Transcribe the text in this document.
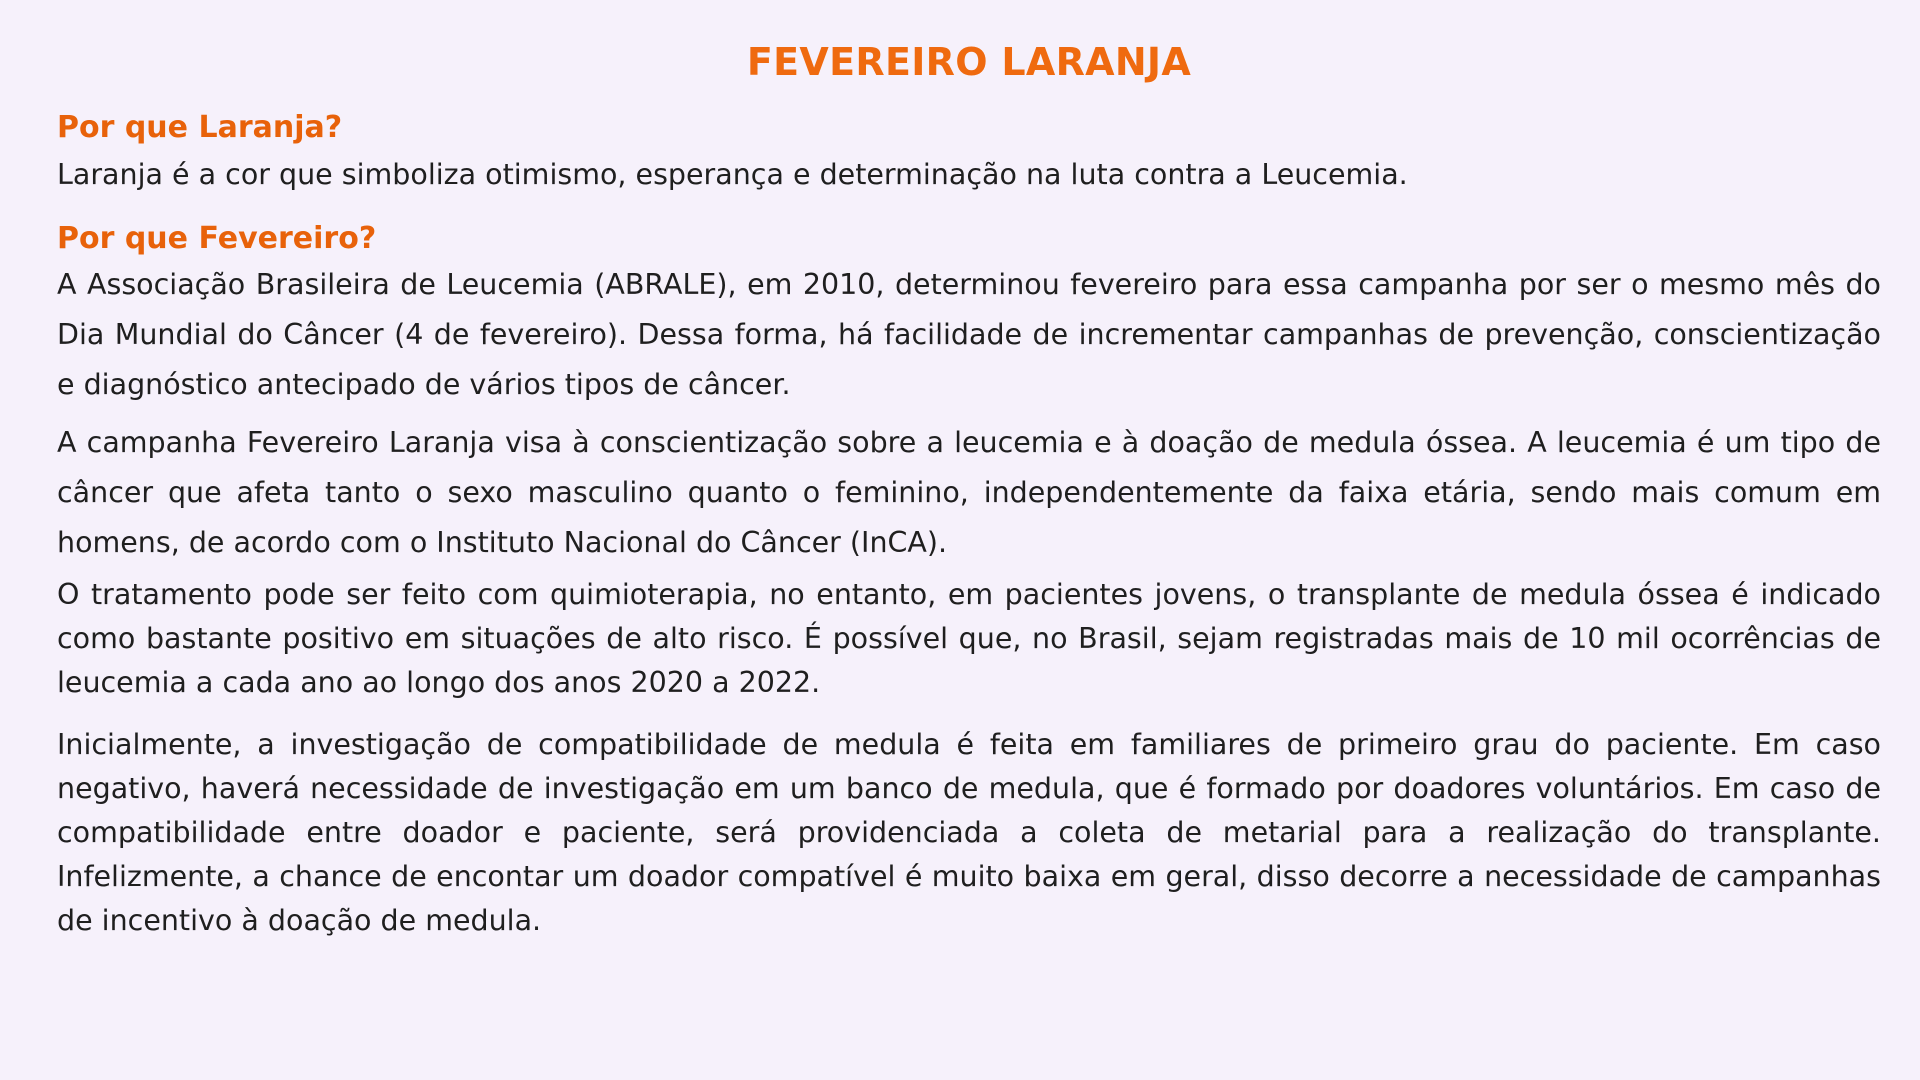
FEVEREIRO LARANJA
Por que Laranja?

Laranja é a cor que simboliza otimismo, esperança e determinação na luta contra a Leucemia.

Por que Fevereiro?

A Associação Brasileira de Leucemia (ABRALE), em 2010, determinou fevereiro para essa campanha por ser o mesmo mês do Dia Mundial do Câncer (4 de fevereiro). Dessa forma, há facilidade de incrementar campanhas de prevenção, conscientização e diagnóstico antecipado de vários tipos de câncer.

A campanha Fevereiro Laranja visa à conscientização sobre a leucemia e à doação de medula óssea. A leucemia é um tipo de câncer que afeta tanto o sexo masculino quanto o feminino, independentemente da faixa etária, sendo mais comum em homens, de acordo com o Instituto Nacional do Câncer (InCA).

O tratamento pode ser feito com quimioterapia, no entanto, em pacientes jovens, o transplante de medula óssea é indicado como bastante positivo em situações de alto risco. É possível que, no Brasil, sejam registradas mais de 10 mil ocorrências de leucemia a cada ano ao longo dos anos 2020 a 2022.

Inicialmente, a investigação de compatibilidade de medula é feita em familiares de primeiro grau do paciente. Em caso negativo, haverá necessidade de investigação em um banco de medula, que é formado por doadores voluntários. Em caso de compatibilidade entre doador e paciente, será providenciada a coleta de metarial para a realização do transplante. Infelizmente, a chance de encontar um doador compatível é muito baixa em geral, disso decorre a necessidade de campanhas de incentivo à doação de medula.
